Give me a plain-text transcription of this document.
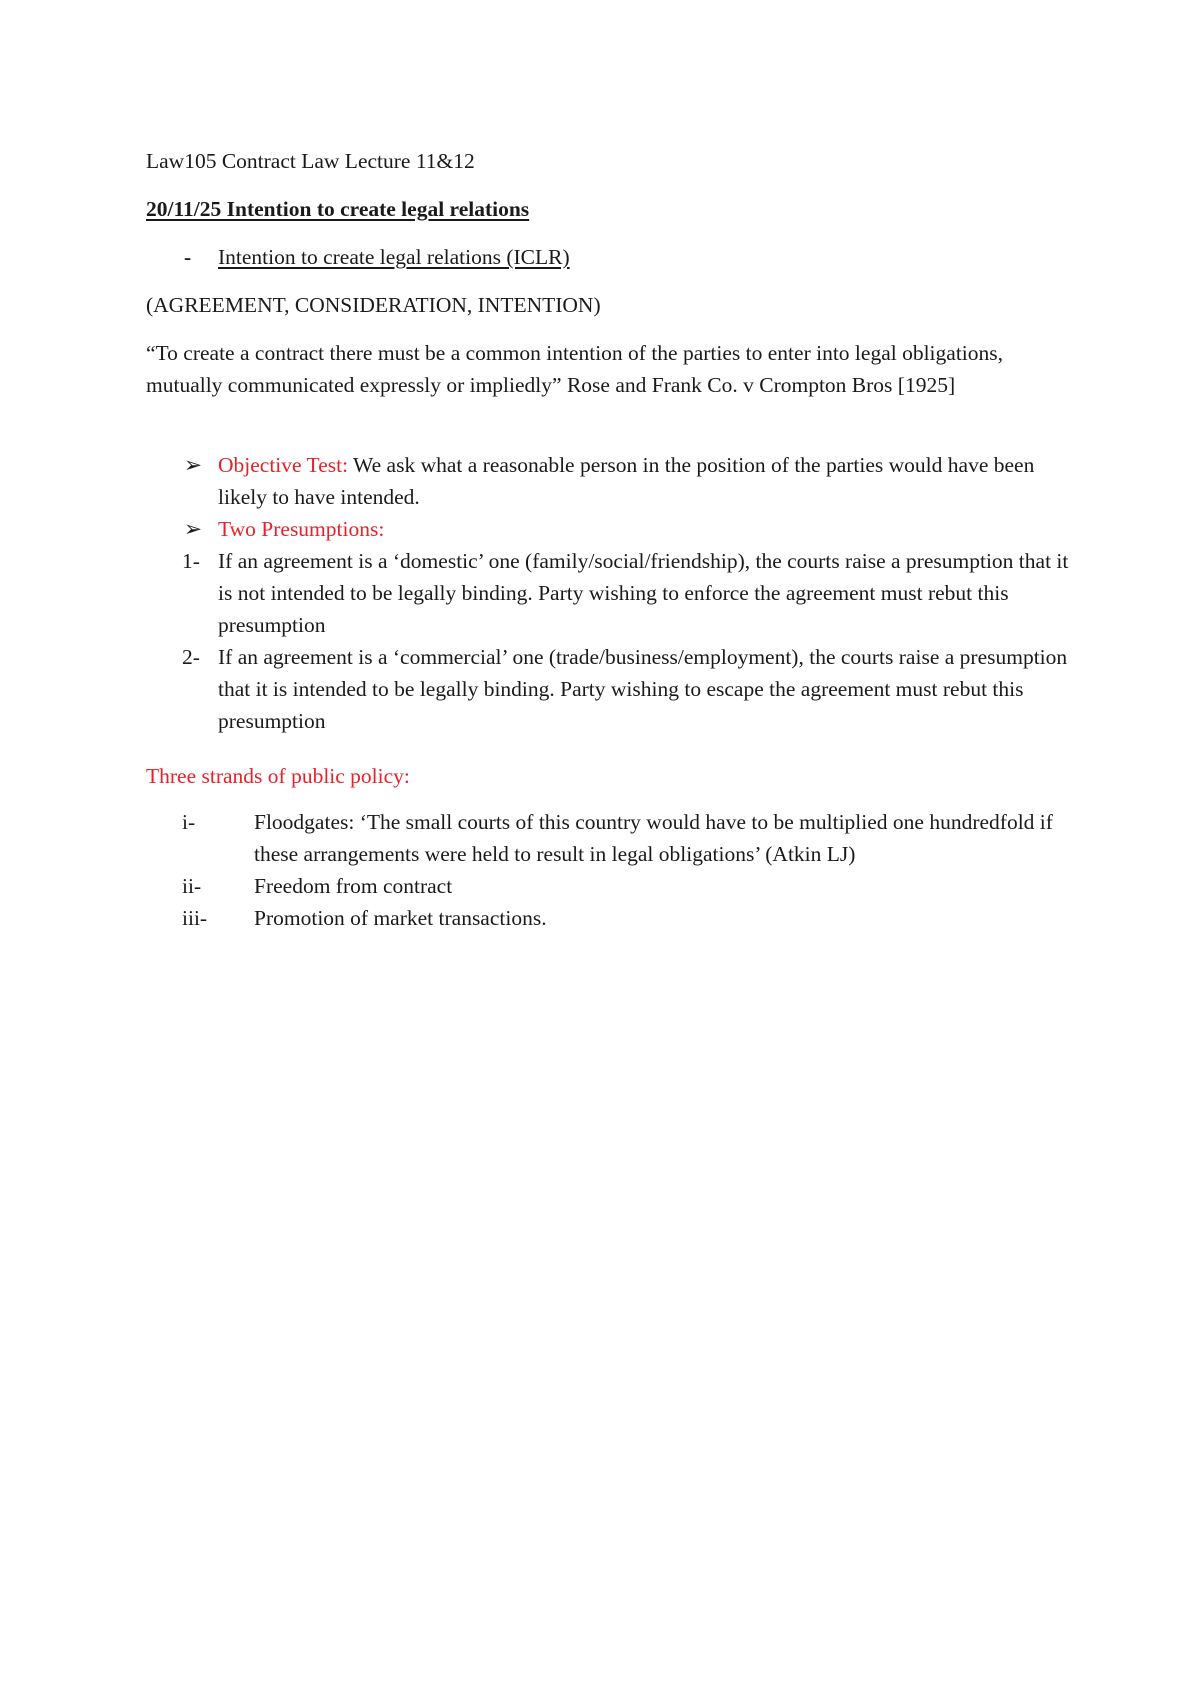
Law105 Contract Law Lecture 11&12
20/11/25 Intention to create legal relations
- Intention to create legal relations (ICLR)
(AGREEMENT, CONSIDERATION, INTENTION)
“To create a contract there must be a common intention of the parties to enter into legal obligations, mutually communicated expressly or impliedly” Rose and Frank Co. v Crompton Bros [1925]
➢ Objective Test: We ask what a reasonable person in the position of the parties would have been likely to have intended.
➢ Two Presumptions:
1- If an agreement is a ‘domestic’ one (family/social/friendship), the courts raise a presumption that it is not intended to be legally binding. Party wishing to enforce the agreement must rebut this presumption
2- If an agreement is a ‘commercial’ one (trade/business/employment), the courts raise a presumption that it is intended to be legally binding. Party wishing to escape the agreement must rebut this presumption
Three strands of public policy:
i-	Floodgates: ‘The small courts of this country would have to be multiplied one hundredfold if these arrangements were held to result in legal obligations’ (Atkin LJ)
ii- Freedom from contract
iii- Promotion of market transactions.
